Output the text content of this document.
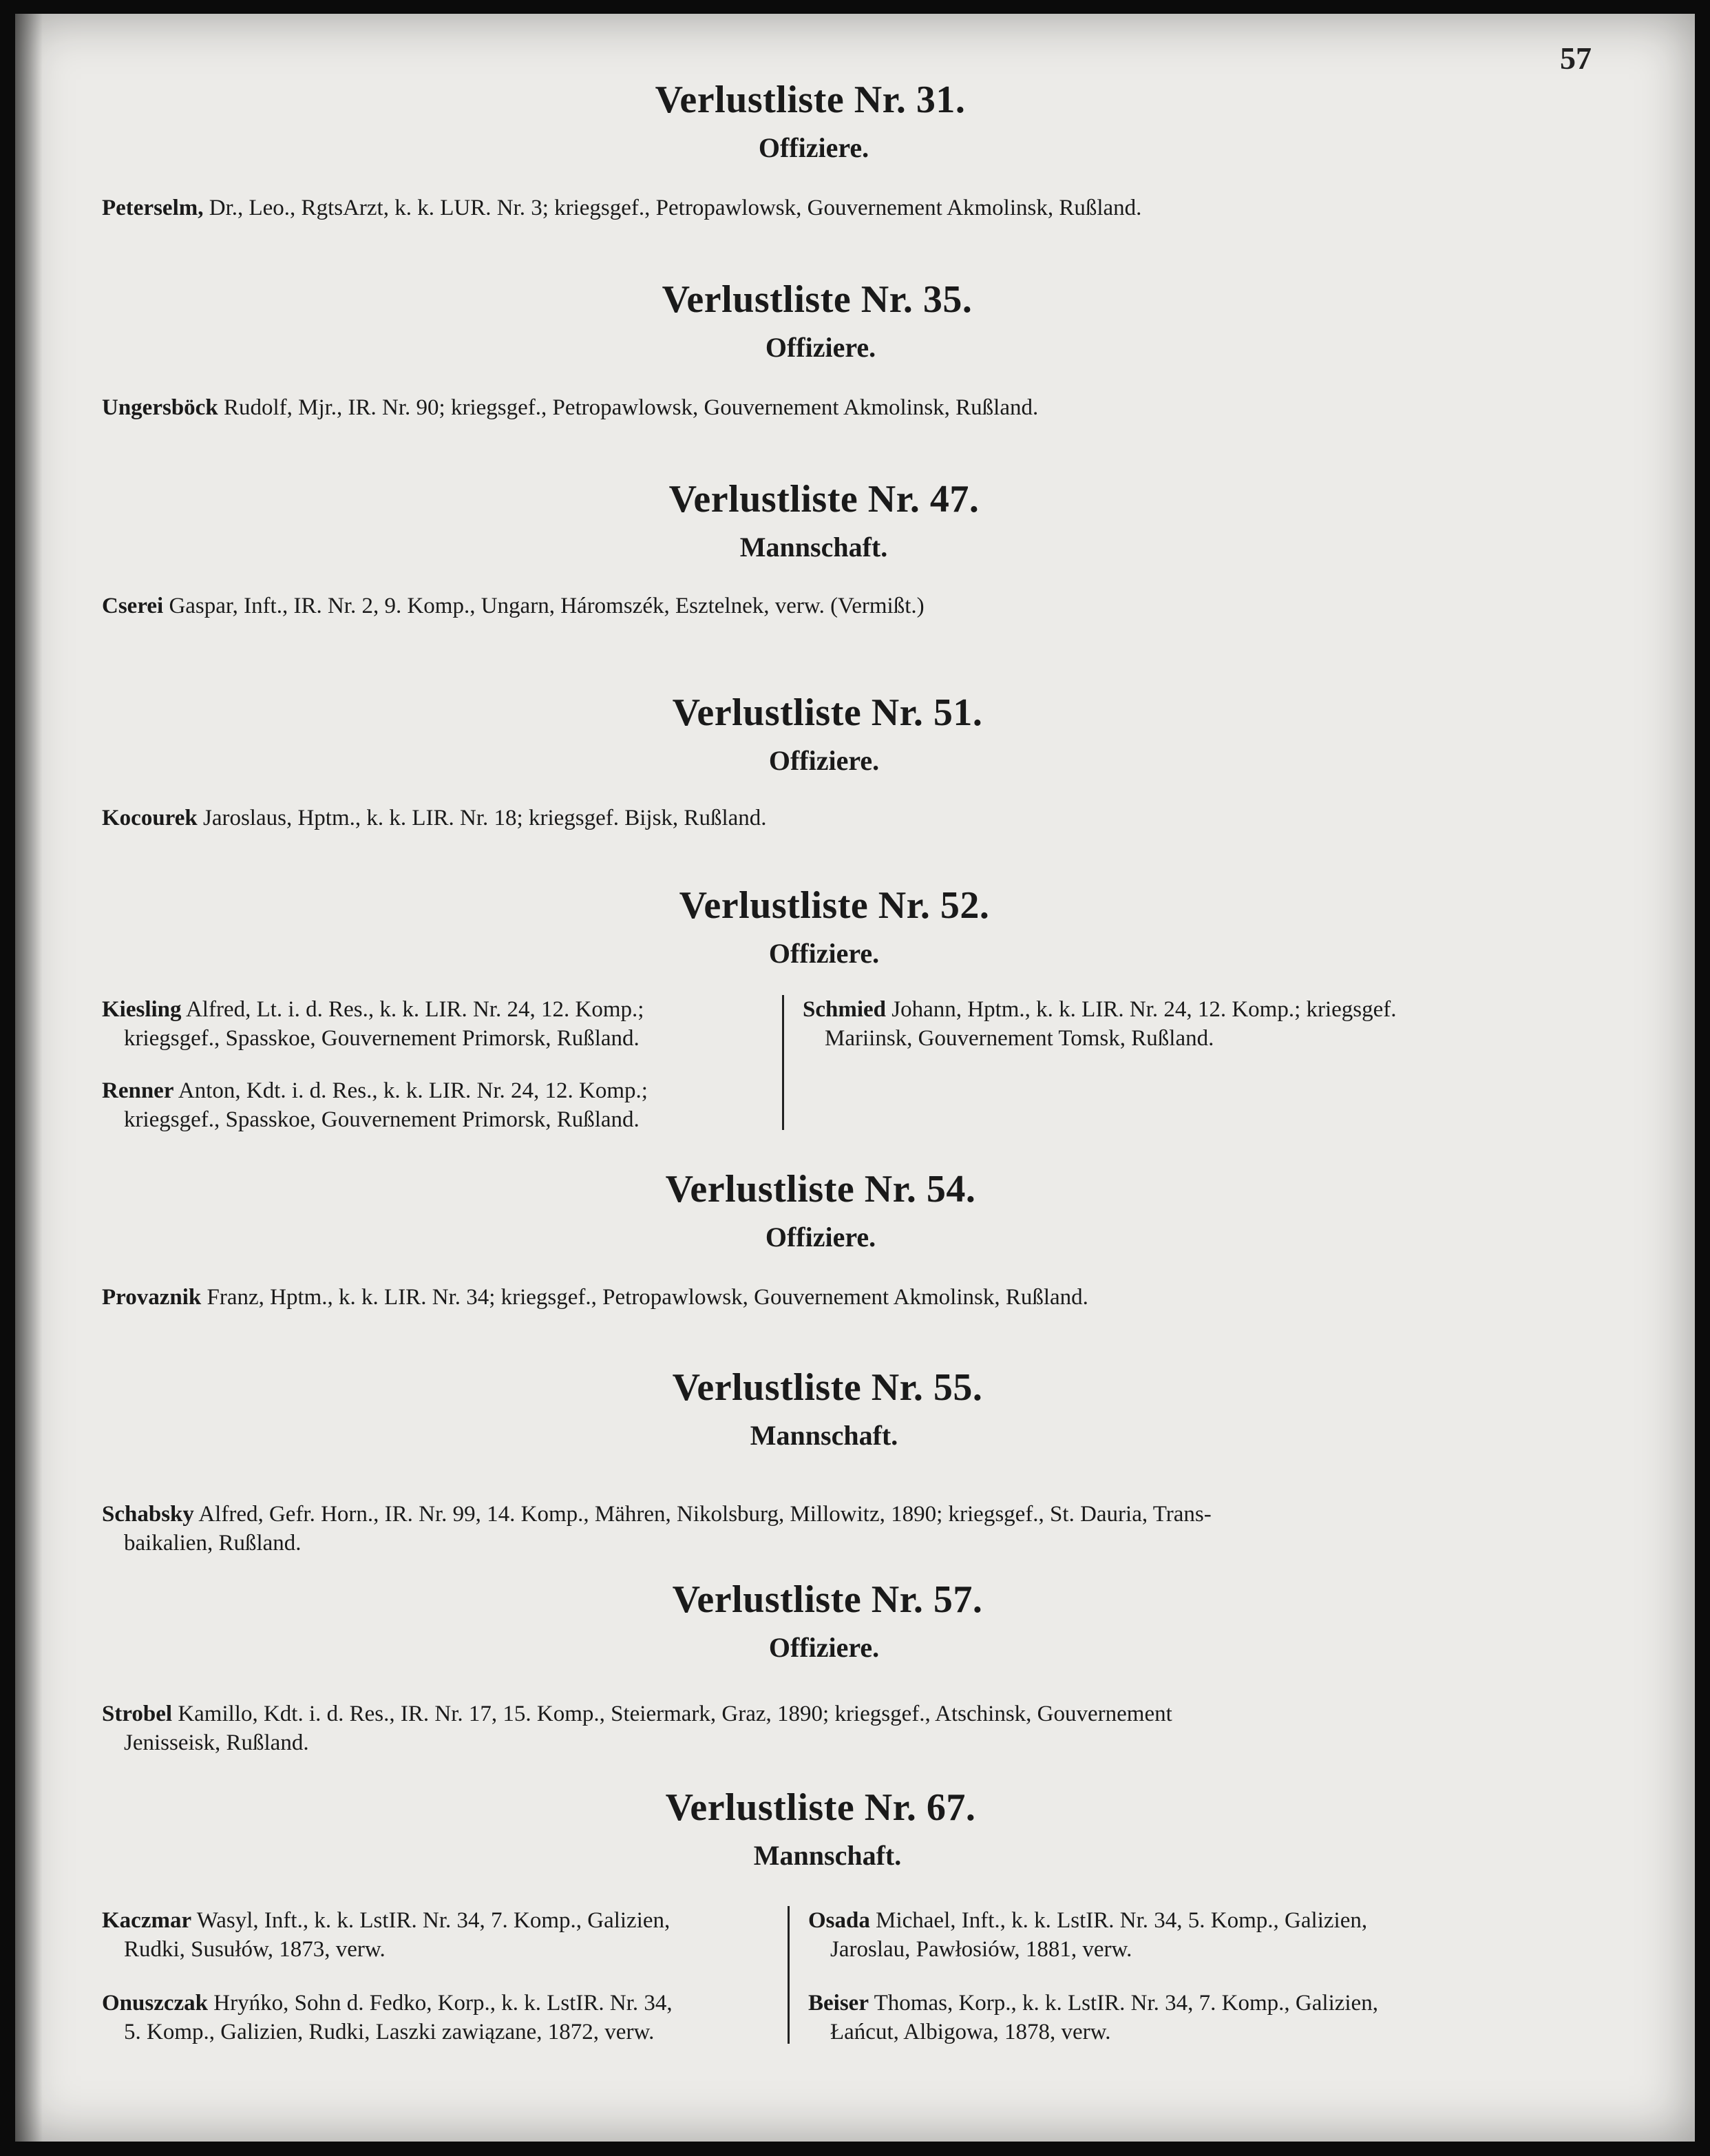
57
Verlustliste Nr. 31.
Offiziere.
Peterselm, Dr., Leo., RgtsArzt, k. k. LUR. Nr. 3; kriegsgef., Petropawlowsk, Gouvernement Akmolinsk, Rußland.
Verlustliste Nr. 35.
Offiziere.
Ungersböck Rudolf, Mjr., IR. Nr. 90; kriegsgef., Petropawlowsk, Gouvernement Akmolinsk, Rußland.
Verlustliste Nr. 47.
Mannschaft.
Cserei Gaspar, Inft., IR. Nr. 2, 9. Komp., Ungarn, Háromszék, Esztelnek, verw. (Vermißt.)
Verlustliste Nr. 51.
Offiziere.
Kocourek Jaroslaus, Hptm., k. k. LIR. Nr. 18; kriegsgef. Bijsk, Rußland.
Verlustliste Nr. 52.
Offiziere.
Kiesling Alfred, Lt. i. d. Res., k. k. LIR. Nr. 24, 12. Komp.;
kriegsgef., Spasskoe, Gouvernement Primorsk, Rußland.
Renner Anton, Kdt. i. d. Res., k. k. LIR. Nr. 24, 12. Komp.;
kriegsgef., Spasskoe, Gouvernement Primorsk, Rußland.
Schmied Johann, Hptm., k. k. LIR. Nr. 24, 12. Komp.; kriegsgef.
Mariinsk, Gouvernement Tomsk, Rußland.
Verlustliste Nr. 54.
Offiziere.
Provaznik Franz, Hptm., k. k. LIR. Nr. 34; kriegsgef., Petropawlowsk, Gouvernement Akmolinsk, Rußland.
Verlustliste Nr. 55.
Mannschaft.
Schabsky Alfred, Gefr. Horn., IR. Nr. 99, 14. Komp., Mähren, Nikolsburg, Millowitz, 1890; kriegsgef., St. Dauria, Trans-
baikalien, Rußland.
Verlustliste Nr. 57.
Offiziere.
Strobel Kamillo, Kdt. i. d. Res., IR. Nr. 17, 15. Komp., Steiermark, Graz, 1890; kriegsgef., Atschinsk, Gouvernement
Jenisseisk, Rußland.
Verlustliste Nr. 67.
Mannschaft.
Kaczmar Wasyl, Inft., k. k. LstIR. Nr. 34, 7. Komp., Galizien,
Rudki, Susułów, 1873, verw.
Onuszczak Hryńko, Sohn d. Fedko, Korp., k. k. LstIR. Nr. 34,
5. Komp., Galizien, Rudki, Laszki zawiązane, 1872, verw.
Osada Michael, Inft., k. k. LstIR. Nr. 34, 5. Komp., Galizien,
Jaroslau, Pawłosiów, 1881, verw.
Beiser Thomas, Korp., k. k. LstIR. Nr. 34, 7. Komp., Galizien,
Łańcut, Albigowa, 1878, verw.
